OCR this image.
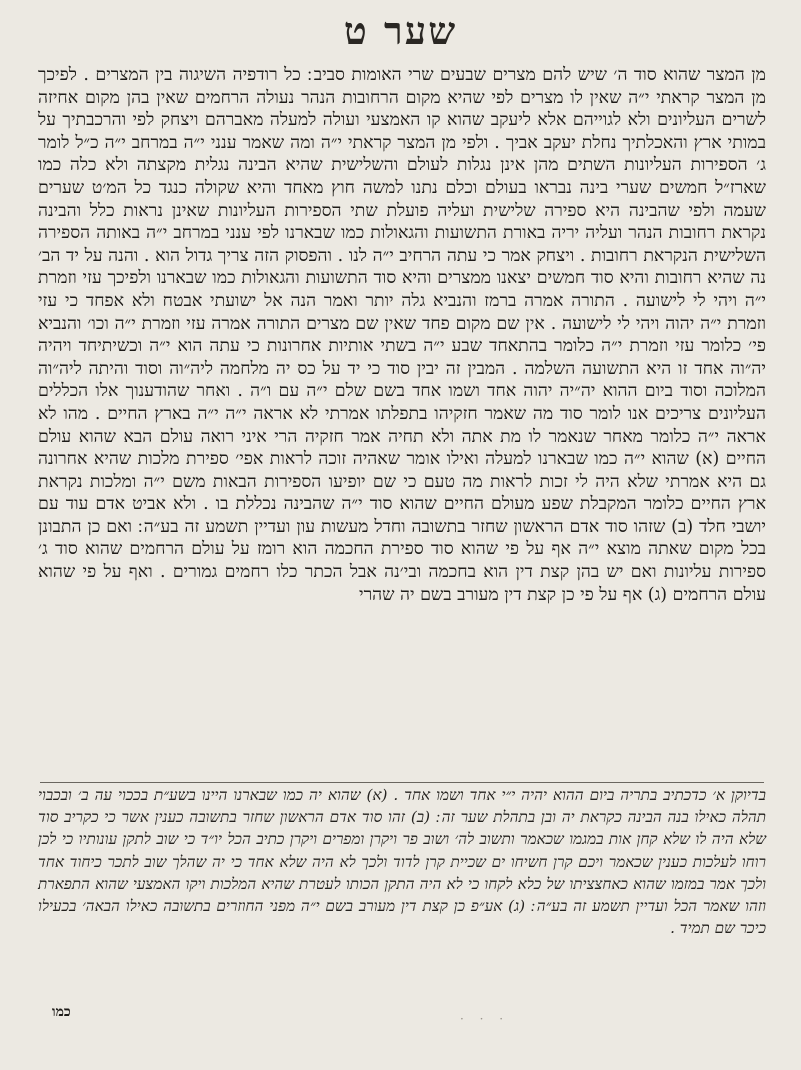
שער ט

מן המצר שהוא סוד ה׳ שיש להם מצרים שבעים שרי האומות סביב ׃ כל רודפיה השיגוה בין המצרים . לפיכך מן המצר קראתי י״ה שאין לו מצרים לפי שהיא מקום הרחובות הנהר נעולה הרחמים שאין בהן מקום אחיזה לשרים העליונים ולא לגוייהם אלא ליעקב שהוא קו האמצעי ועולה למעלה מאברהם ויצחק לפי והרכבתיך על במותי ארץ והאכלתיך נחלת יעקב אביך . ולפי מן המצר קראתי י״ה ומה שאמר ענני י״ה במרחב י״ה כ״ל לומר ג׳ הספירות העליונות השתים מהן אינן נגלות לעולם והשלישית שהיא הבינה נגלית מקצתה ולא כלה כמו שארז״ל חמשים שערי בינה נבראו בעולם וכלם נתנו למשה חוץ מאחד והיא שקולה כנגד כל המ׳ט שערים שעמה ולפי שהבינה היא ספירה שלישית ועליה פועלת שתי הספירות העליונות שאינן נראות כלל והבינה נקראת רחובות הנהר ועליה יריה באורת התשועות והגאולות כמו שבארנו לפי ענני במרחב י״ה באותה הספירה השלישית הנקראת רחובות . ויצחק אמר כי עתה הרחיב י״ה לנו . והפסוק הזה צריך גדול הוא . והנה על יד הב׳ נה שהיא רחובות והיא סוד חמשים יצאנו ממצרים והיא סוד התשועות והגאולות כמו שבארנו ולפיכך עזי וזמרת י״ה ויהי לי לישועה . התורה אמרה ברמז והנביא גלה יותר ואמר הנה אל ישועתי אבטח ולא אפחד כי עזי וזמרת י״ה יהוה ויהי לי לישועה . אין שם מקום פחד שאין שם מצרים התורה אמרה עזי וזמרת י״ה וכו׳ והנביא פי׳ כלומר עזי וזמרת י״ה כלומר בהתאחד שבע י״ה בשתי אותיות אחרונות כי עתה הוא י״ה וכשיתיחד ויהיה יה״וה אחד זו היא התשועה השלמה . המבין זה יבין סוד כי יד על כס יה מלחמה ליה״וה וסוד והיתה ליה״וה המלוכה וסוד ביום ההוא יה״יה יהוה אחד ושמו אחד בשם שלם י״ה עם ו״ה . ואחר שהודענוך אלו הכללים העליונים צריכים אנו לומר סוד מה שאמר חזקיהו בתפלתו אמרתי לא אראה י״ה י״ה בארץ החיים . מהו לא אראה י״ה כלומר מאחר שנאמר לו מת אתה ולא תחיה אמר חזקיה הרי איני רואה עולם הבא שהוא עולם החיים (א) שהוא י״ה כמו שבארנו למעלה ואילו אומר שאהיה זוכה לראות אפי׳ ספירת מלכות שהיא אחרונה גם היא אמרתי שלא היה לי זכות לראות מה טעם כי שם יופיעו הספירות הבאות משם י״ה ומלכות נקראת ארץ החיים כלומר המקבלת שפע מעולם החיים שהוא סוד י״ה שהבינה נכללת בו . ולא אביט אדם עוד עם יושבי חלד (ב) שזהו סוד אדם הראשון שחזר בתשובה וחדל מעשות עון ועדיין תשמע זה בע״ה ׃ ואם כן התבונן בכל מקום שאתה מוצא י״ה אף על פי שהוא סוד ספירת החכמה הוא רומז על עולם הרחמים שהוא סוד ג׳ ספירות עליונות ואם יש בהן קצת דין הוא בחכמה ובי׳נה אבל הכתר כלו רחמים גמורים . ואף על פי שהוא עולם הרחמים (ג) אף על פי כן קצת דין מעורב בשם יה שהרי

בדיוקן א׳ כדכתיב בתריה ביום ההוא יהיה י״י אחד ושמו אחד . (א) שהוא יה כמו שבארנו היינו בשע״ת בככוי עה ב׳ ובכבוי תהלה כאילו בנה הבינה כקראת יה ובן בתהלת שער זה ׃ (ב) זהו סוד אדם הראשון שחזר בתשובה כענין אשר כי כקריב סוד שלא היה לו שלא קחן אות במגמו שכאמר ותשוב לה׳ ושוב פר ויקרן ומפרים ויקרן כתיב הכל יו״ד כי שוב לתקן עונותיו כי לכן רוחו לעלכות כענין שכאמר ויכם קרן חשיחו ים שכיית קרן לדוד ולכך לא היה שלא אחד כי יה שהלך שוב לתכר כיחוד אחד ולכך אמר במזמו שהוא כאחצציתו של כלא לקחו כי לא היה התקן הכותו לעטרת שהיא המלכות ויקו האמצעי שהוא התפארת וזהו שאמר הכל ועדיין תשמע זה בע״ה ׃ (ג) אע״פ כן קצת דין מעורב בשם י״ה מפני החוזרים בתשובה כאילו הבאה׳ בכעילו כיכר שם תמיד .

כמו	· · ·
